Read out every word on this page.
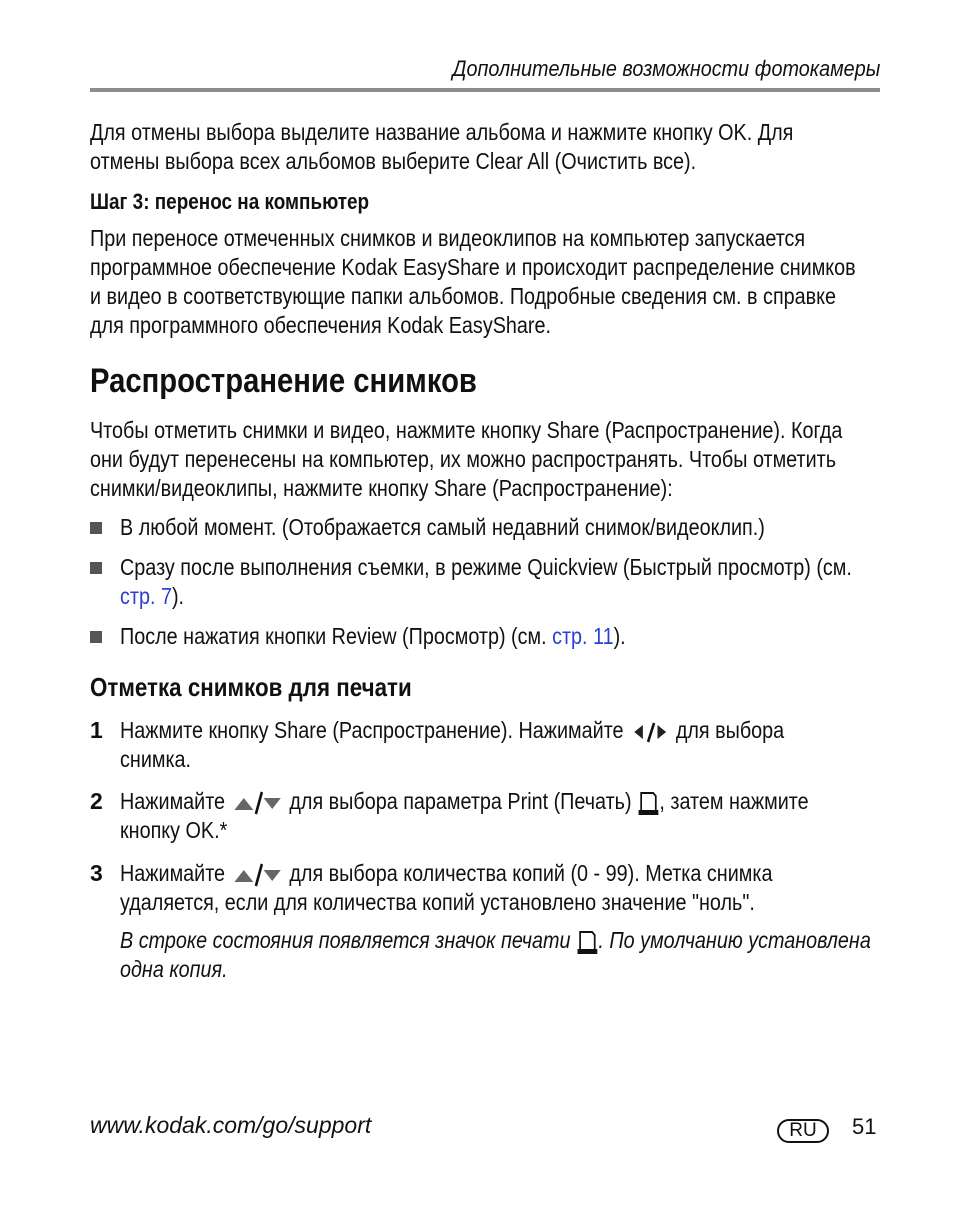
Дополнительные возможности фотокамеры
Для отмены выбора выделите название альбома и нажмите кнопку OK. Для
отмены выбора всех альбомов выберите Clear All (Очистить все).
Шаг 3: перенос на компьютер
При переносе отмеченных снимков и видеоклипов на компьютер запускается
программное обеспечение Kodak EasyShare и происходит распределение снимков
и видео в соответствующие папки альбомов. Подробные сведения см. в справке
для программного обеспечения Kodak EasyShare.
Распространение снимков
Чтобы отметить снимки и видео, нажмите кнопку Share (Распространение). Когда
они будут перенесены на компьютер, их можно распространять. Чтобы отметить
снимки/видеоклипы, нажмите кнопку Share (Распространение):
В любой момент. (Отображается самый недавний снимок/видеоклип.)
Сразу после выполнения съемки, в режиме Quickview (Быстрый просмотр) (см.
стр. 7).
После нажатия кнопки Review (Просмотр) (см. стр. 11).
Отметка снимков для печати
1 Нажмите кнопку Share (Распространение). Нажимайте для выбора
снимка.
2 Нажимайте	для выбора параметра Print (Печать) , затем нажмите
кнопку OK.*
3 Нажимайте	для выбора количества копий (0 - 99). Метка снимка
удаляется, если для количества копий установлено значение "ноль".
В строке состояния появляется значок печати . По умолчанию установлена
одна копия.
www.kodak.com/go/support	RU	51
